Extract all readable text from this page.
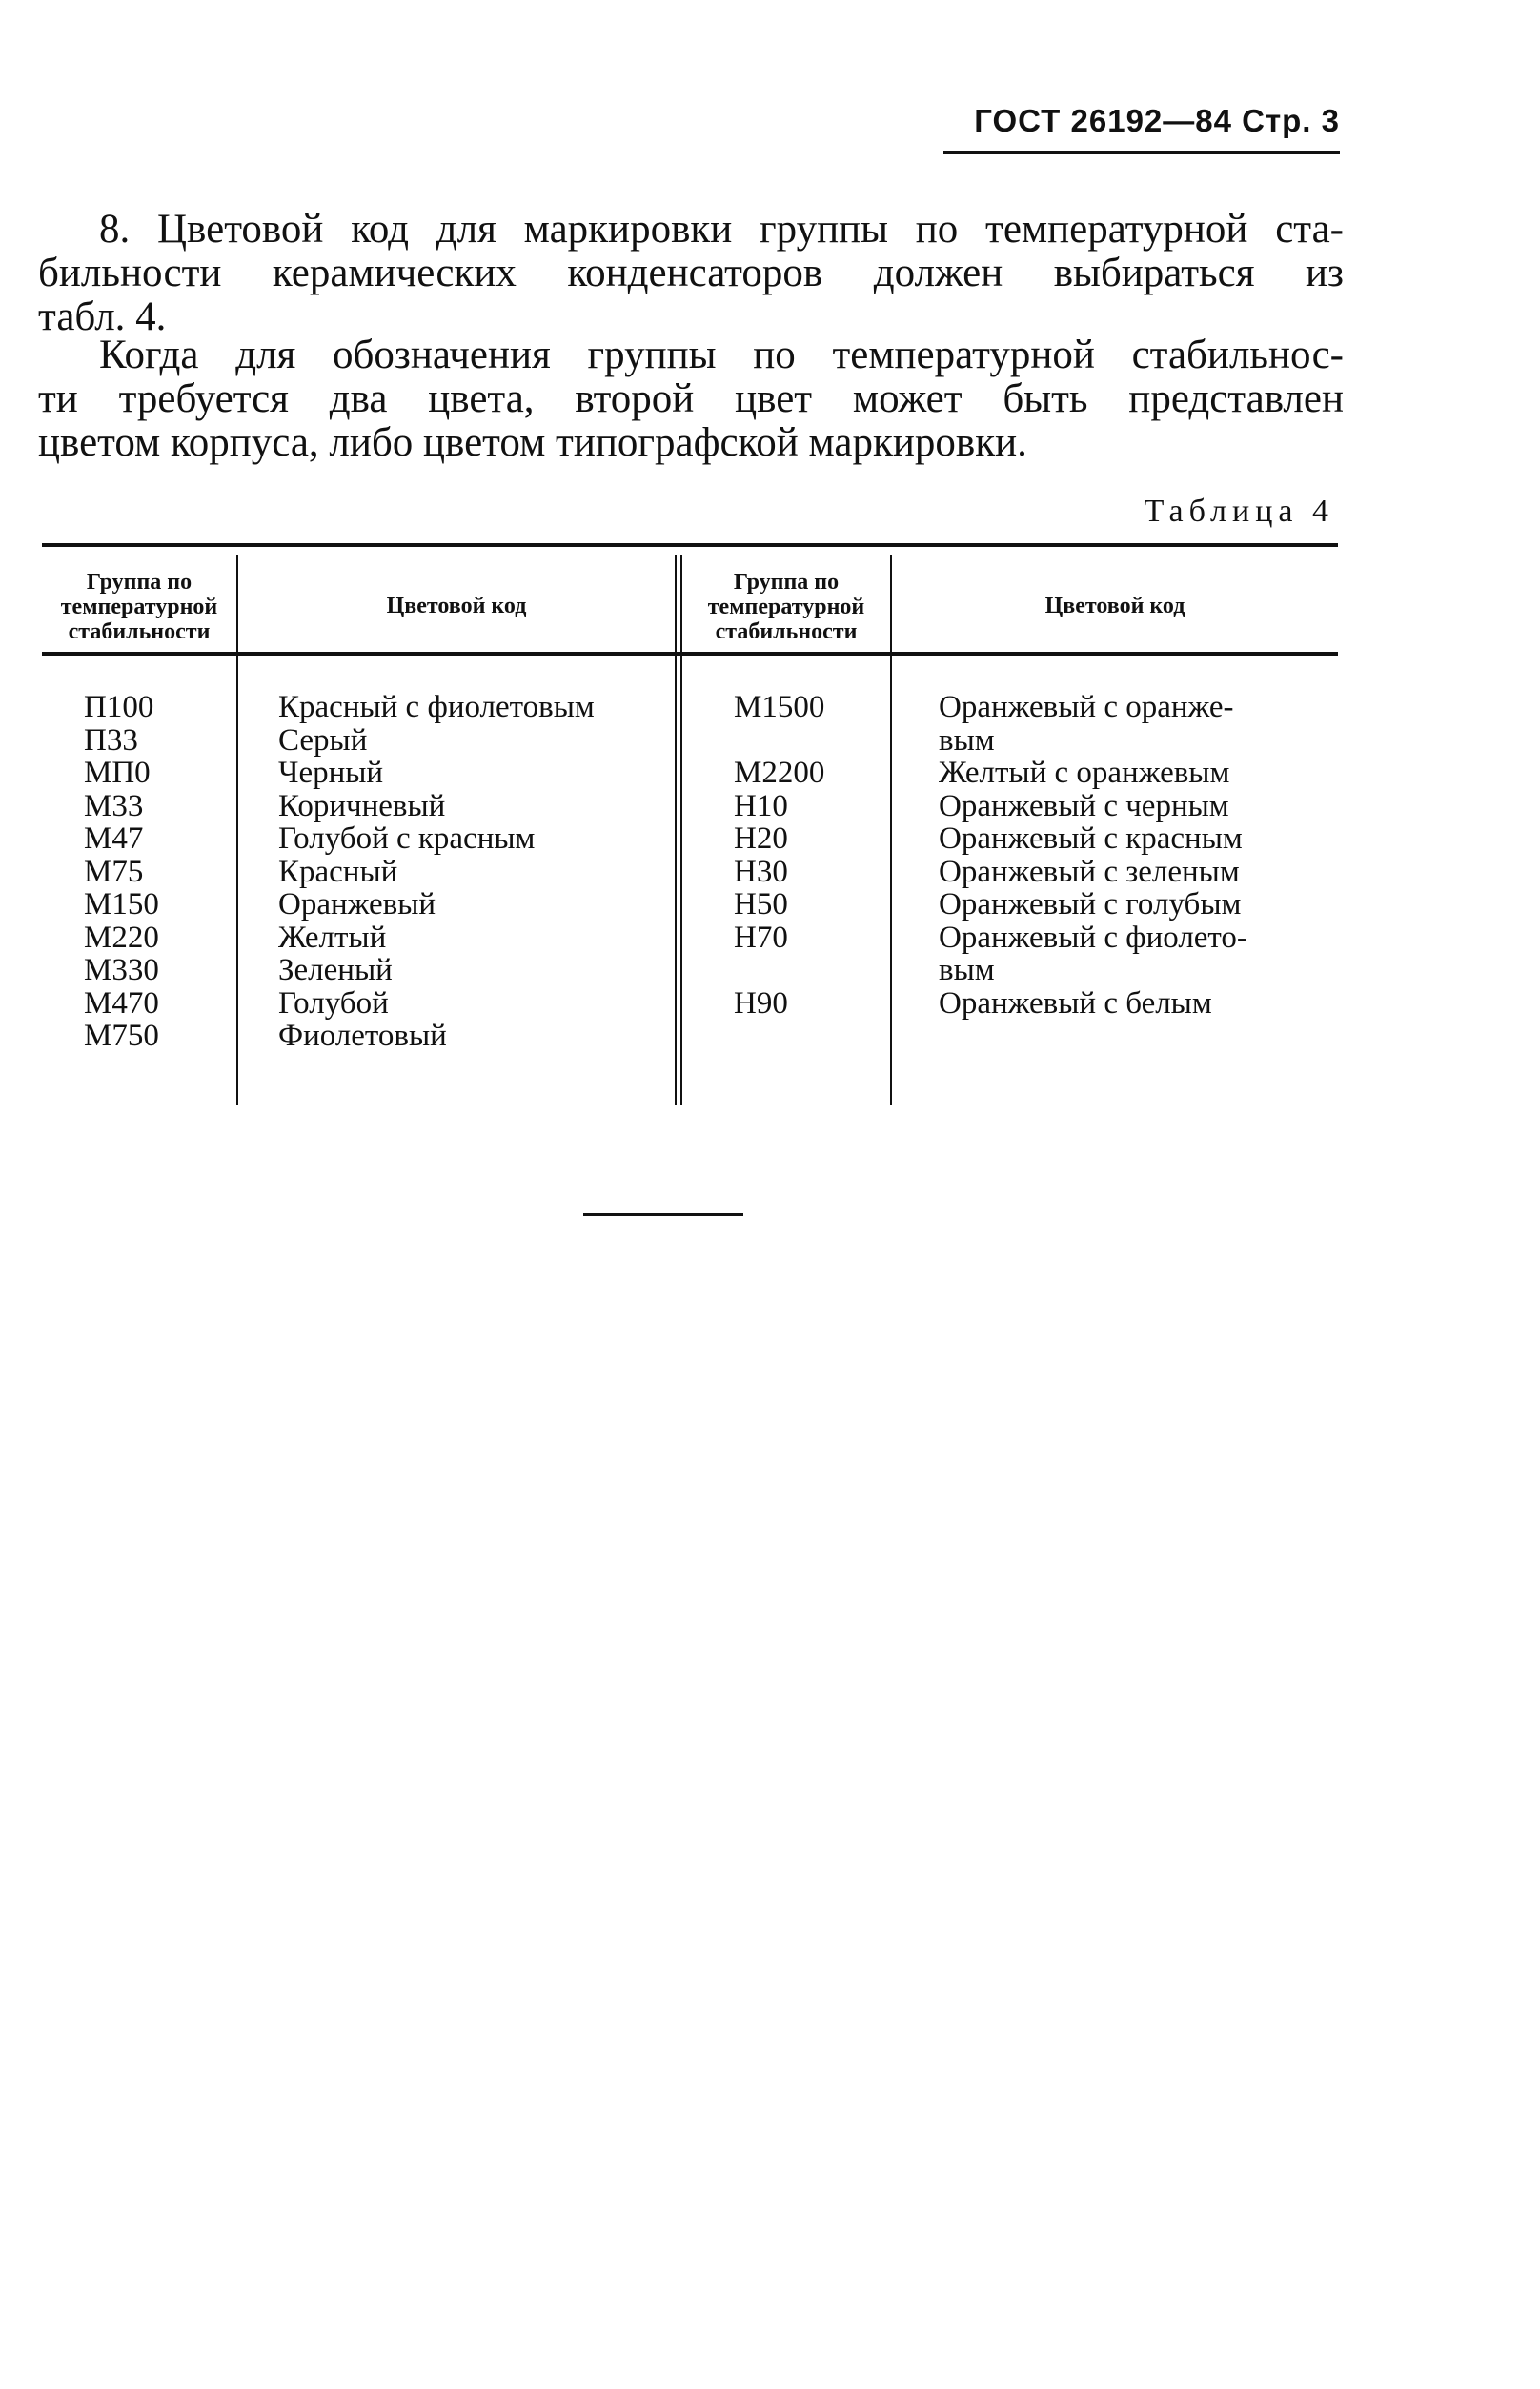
ГОСТ 26192—84 Стр. 3

8. Цветовой код для маркировки группы по температурной ста-
бильности керамических конденсаторов должен выбираться из
табл. 4.

Когда для обозначения группы по температурной стабильнос-
ти требуется два цвета, второй цвет может быть представлен
цветом корпуса, либо цветом типографской маркировки.

Таблица 4
Группа по
температурной
стабильности
Цветовой код
Группа по
температурной
стабильности
Цветовой код
П100
П33
МП0
М33
М47
М75
М150
М220
М330
М470
М750
Красный с фиолетовым
Серый
Черный
Коричневый
Голубой с красным
Красный
Оранжевый
Желтый
Зеленый
Голубой
Фиолетовый
М1500

М2200
Н10
Н20
Н30
Н50
Н70

Н90
Оранжевый с оранже-
вым
Желтый с оранжевым
Оранжевый с черным
Оранжевый с красным
Оранжевый с зеленым
Оранжевый с голубым
Оранжевый с фиолето-
вым
Оранжевый с белым
